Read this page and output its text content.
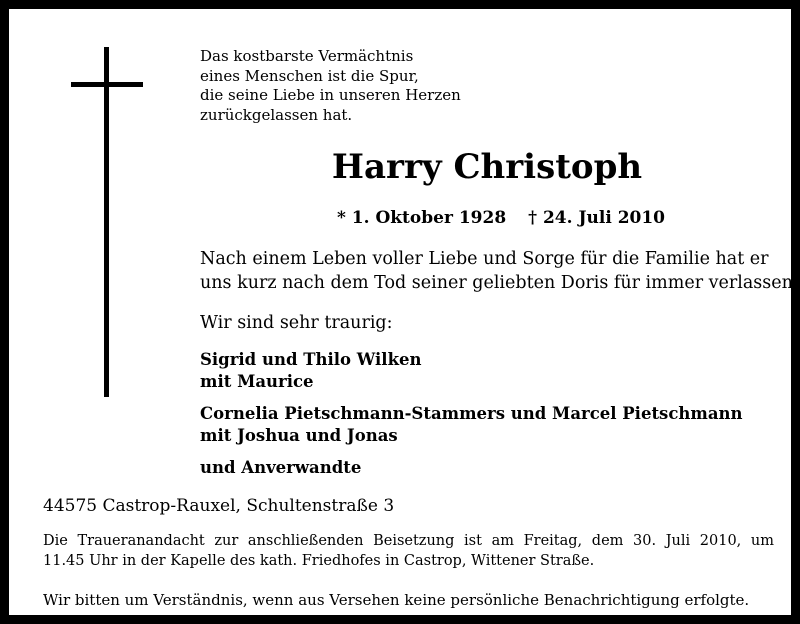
Das kostbarste Vermächtnis
eines Menschen ist die Spur,
die seine Liebe in unseren Herzen
zurückgelassen hat.
Harry Christoph
* 1. Oktober 1928 † 24. Juli 2010
Nach einem Leben voller Liebe und Sorge für die Familie hat er
uns kurz nach dem Tod seiner geliebten Doris für immer verlassen.
Wir sind sehr traurig:
Sigrid und Thilo Wilken
mit Maurice
Cornelia Pietschmann-Stammers und Marcel Pietschmann
mit Joshua und Jonas
und Anverwandte
44575 Castrop-Rauxel, Schultenstraße 3
Die Traueranandacht zur anschließenden Beisetzung ist am Freitag, dem 30. Juli 2010, um
11.45 Uhr in der Kapelle des kath. Friedhofes in Castrop, Wittener Straße.
Wir bitten um Verständnis, wenn aus Versehen keine persönliche Benachrichtigung erfolgte.
